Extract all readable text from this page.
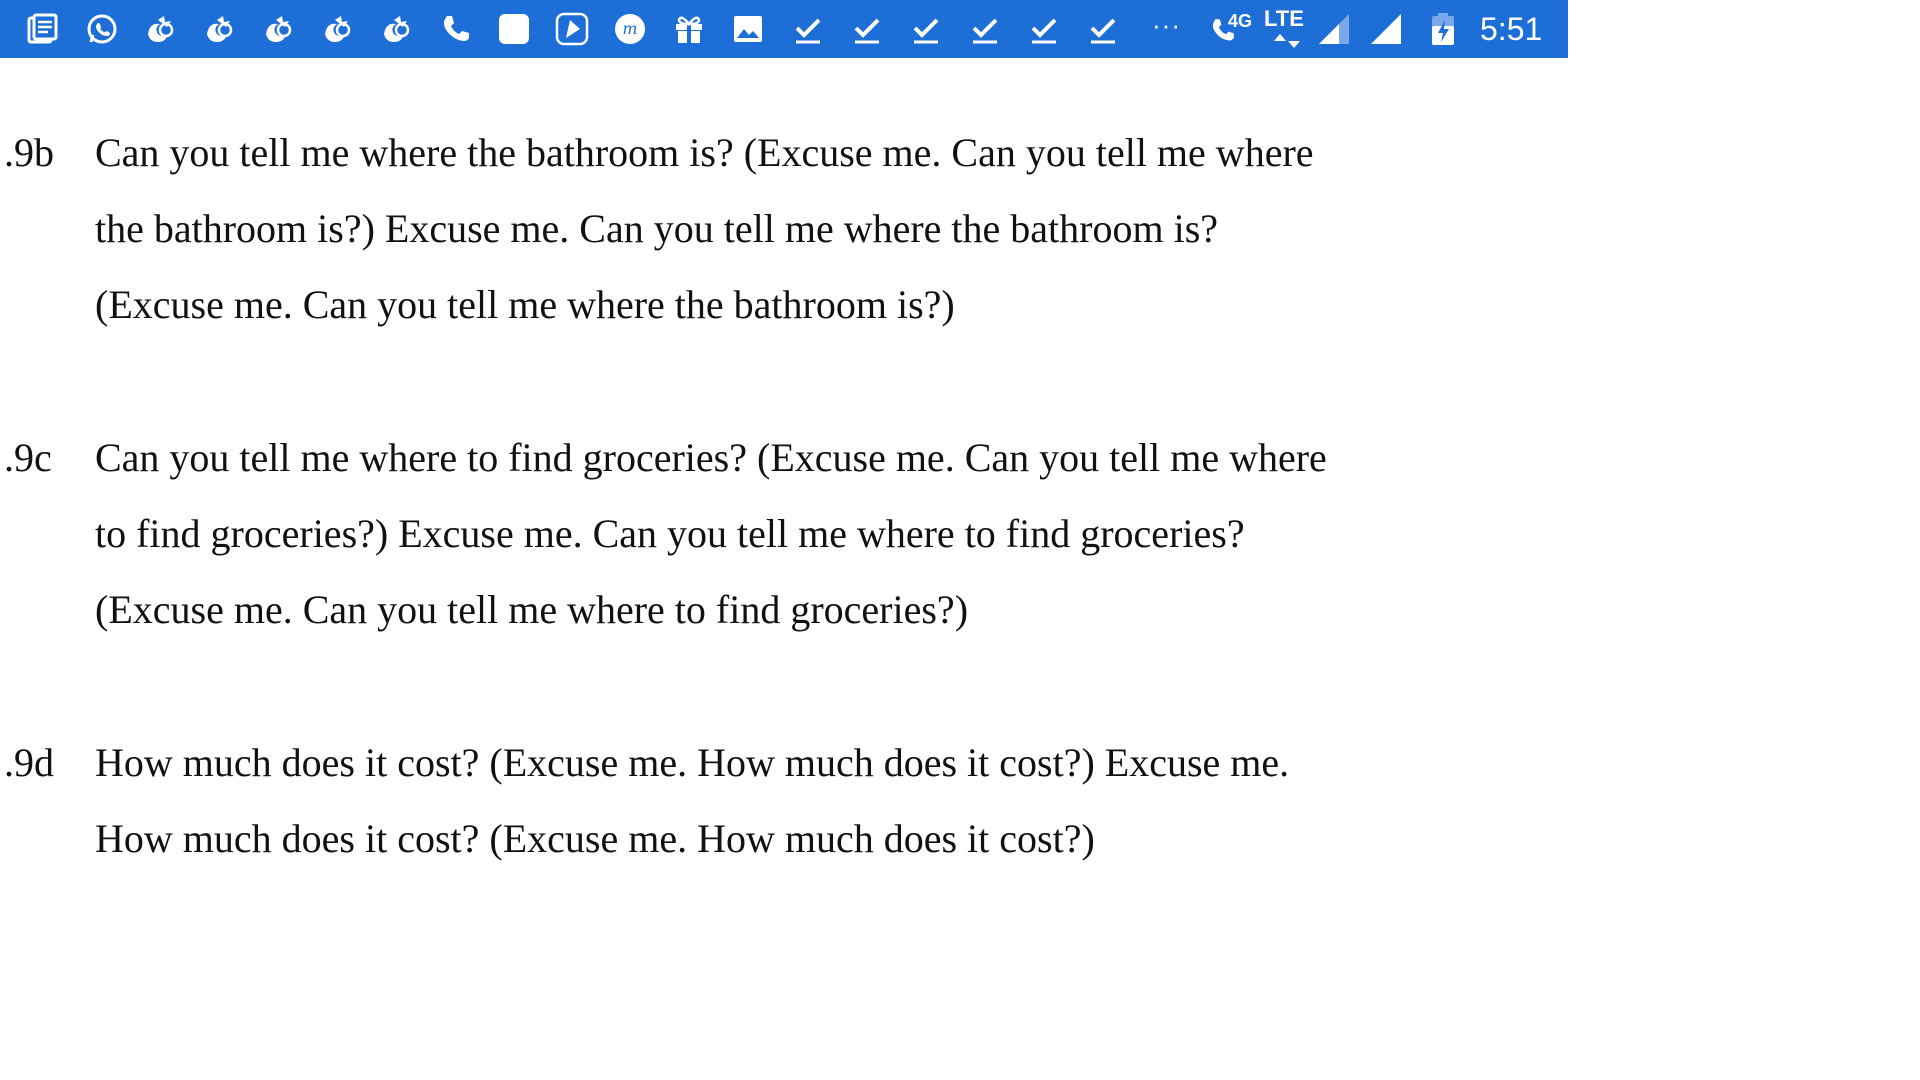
m	···	4G LTE	5:51
.9b Can you tell me where the bathroom is? (Excuse me. Can you tell me where
the bathroom is?) Excuse me. Can you tell me where the bathroom is?
(Excuse me. Can you tell me where the bathroom is?)
.9c Can you tell me where to find groceries? (Excuse me. Can you tell me where
to find groceries?) Excuse me. Can you tell me where to find groceries?
(Excuse me. Can you tell me where to find groceries?)
.9d How much does it cost? (Excuse me. How much does it cost?) Excuse me.
How much does it cost? (Excuse me. How much does it cost?)
